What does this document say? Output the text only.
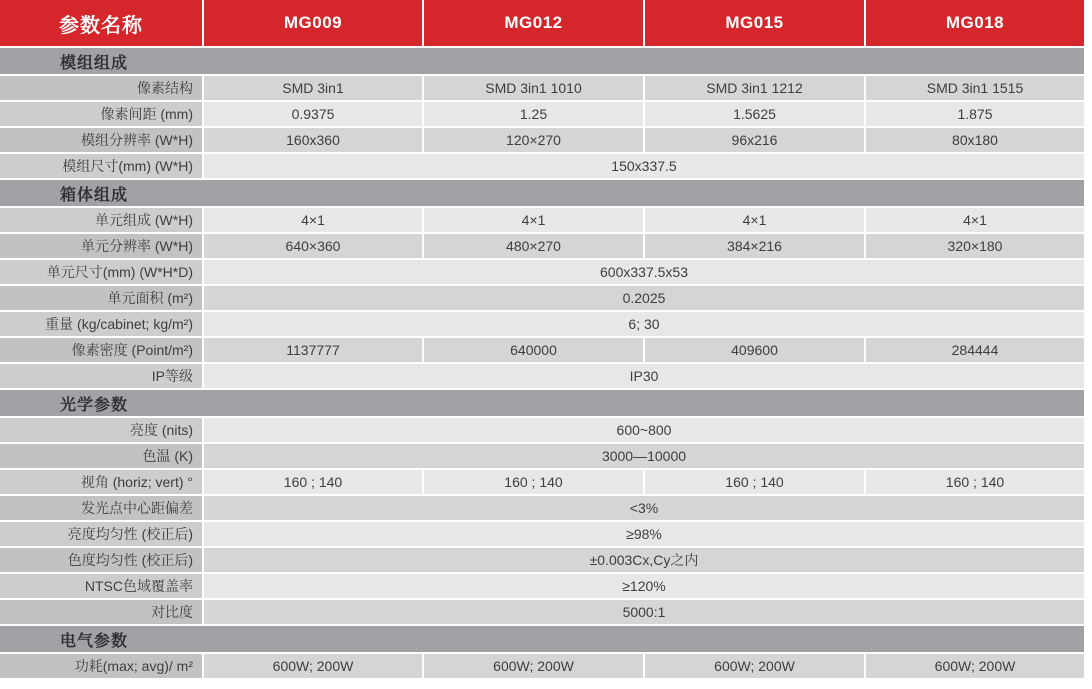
参数名称	MG009	MG012	MG015	MG018
模组组成
像素结构	SMD 3in1	SMD 3in1 1010	SMD 3in1 1212	SMD 3in1 1515
像素间距 (mm)	0.9375	1.25	1.5625	1.875
模组分辨率 (W*H)	160x360	120×270	96x216	80x180
模组尺寸(mm) (W*H)	150x337.5
箱体组成
单元组成 (W*H)	4×1	4×1	4×1	4×1
单元分辨率 (W*H)	640×360	480×270	384×216	320×180
单元尺寸(mm) (W*H*D)	600x337.5x53
单元面积 (m²)	0.2025
重量 (kg/cabinet; kg/m²)	6; 30
像素密度 (Point/m²)	1137777	640000	409600	284444
IP等级	IP30
光学参数
亮度 (nits)	600~800
色温 (K)	3000—10000
视角 (horiz; vert) °	160 ; 140	160 ; 140	160 ; 140	160 ; 140
发光点中心距偏差	<3%
亮度均匀性 (校正后)	≥98%
色度均匀性 (校正后)	±0.003Cx,Cy之内
NTSC色域覆盖率	≥120%
对比度	5000:1
电气参数
功耗(max; avg)/ m²	600W; 200W	600W; 200W	600W; 200W	600W; 200W
